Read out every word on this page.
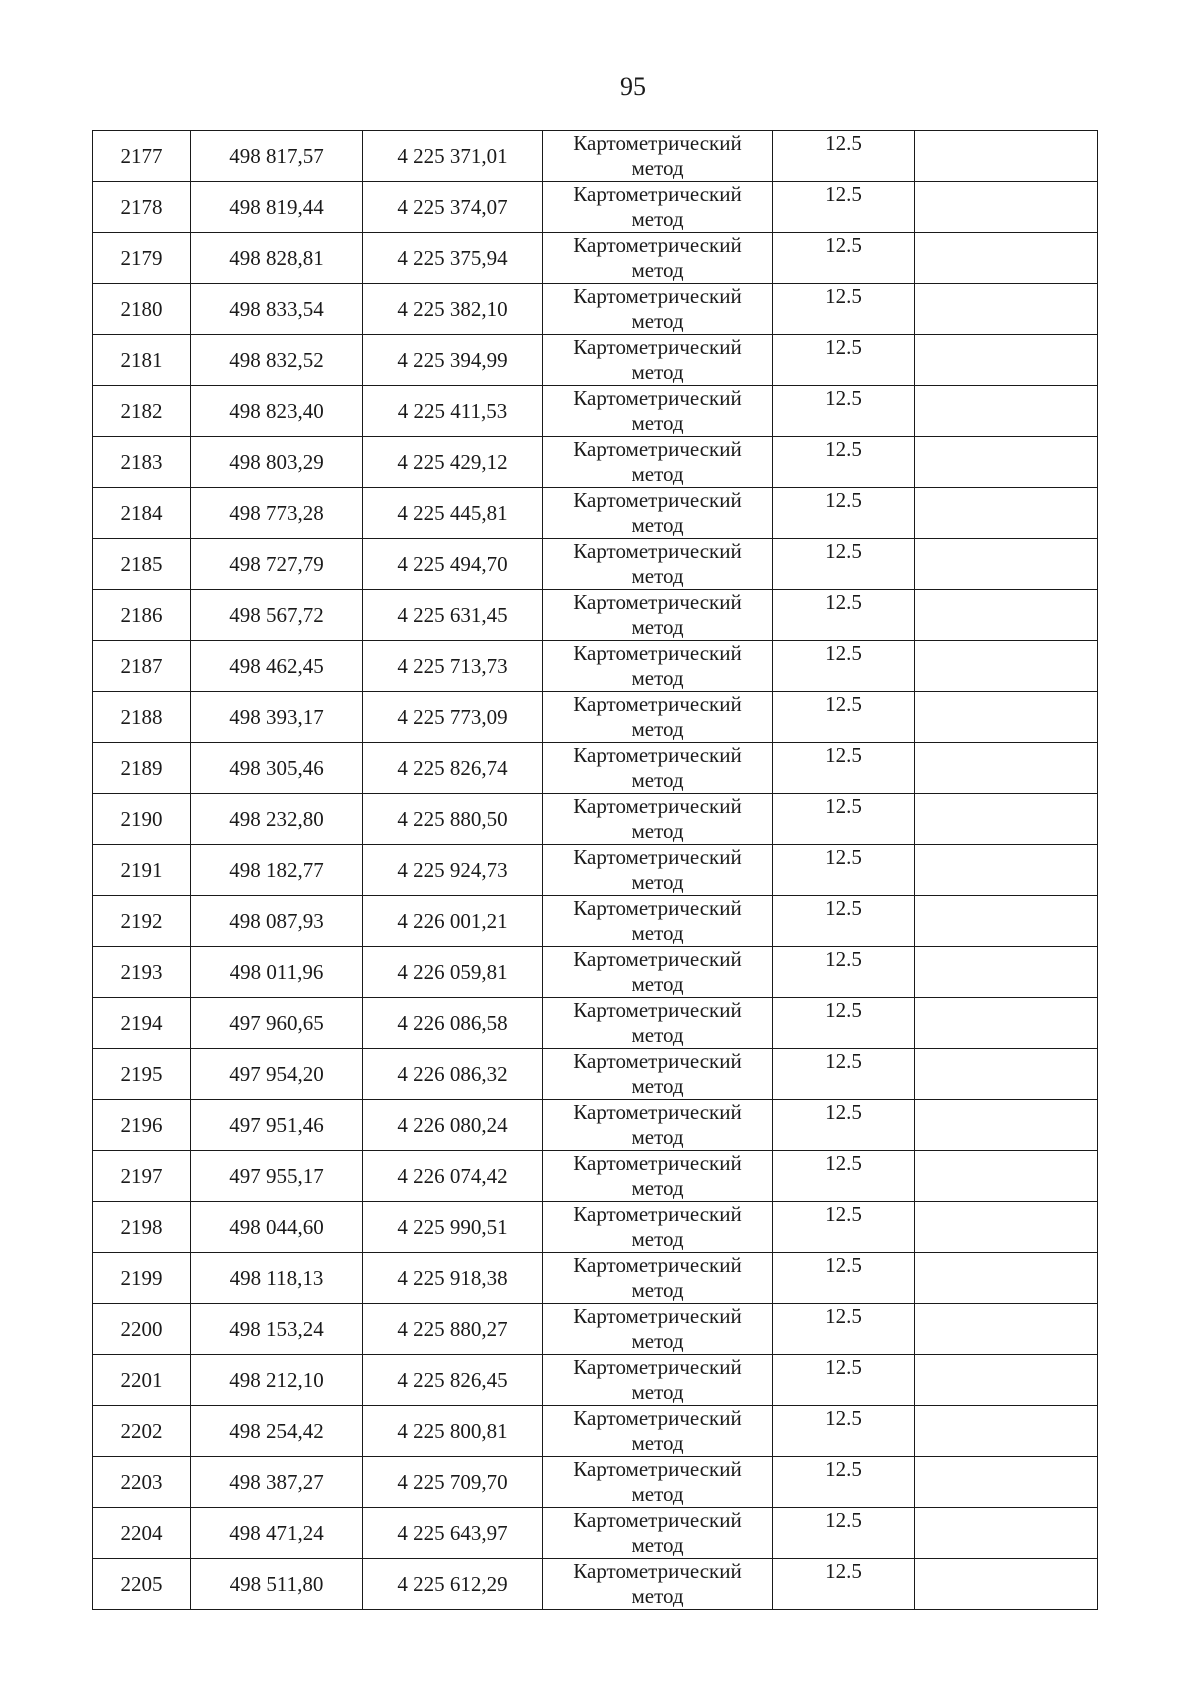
95
2177	498 817,57	4 225 371,01	Картометрический
метод	12.5	
2178	498 819,44	4 225 374,07	Картометрический
метод	12.5	
2179	498 828,81	4 225 375,94	Картометрический
метод	12.5	
2180	498 833,54	4 225 382,10	Картометрический
метод	12.5	
2181	498 832,52	4 225 394,99	Картометрический
метод	12.5	
2182	498 823,40	4 225 411,53	Картометрический
метод	12.5	
2183	498 803,29	4 225 429,12	Картометрический
метод	12.5	
2184	498 773,28	4 225 445,81	Картометрический
метод	12.5	
2185	498 727,79	4 225 494,70	Картометрический
метод	12.5	
2186	498 567,72	4 225 631,45	Картометрический
метод	12.5	
2187	498 462,45	4 225 713,73	Картометрический
метод	12.5	
2188	498 393,17	4 225 773,09	Картометрический
метод	12.5	
2189	498 305,46	4 225 826,74	Картометрический
метод	12.5	
2190	498 232,80	4 225 880,50	Картометрический
метод	12.5	
2191	498 182,77	4 225 924,73	Картометрический
метод	12.5	
2192	498 087,93	4 226 001,21	Картометрический
метод	12.5	
2193	498 011,96	4 226 059,81	Картометрический
метод	12.5	
2194	497 960,65	4 226 086,58	Картометрический
метод	12.5	
2195	497 954,20	4 226 086,32	Картометрический
метод	12.5	
2196	497 951,46	4 226 080,24	Картометрический
метод	12.5	
2197	497 955,17	4 226 074,42	Картометрический
метод	12.5	
2198	498 044,60	4 225 990,51	Картометрический
метод	12.5	
2199	498 118,13	4 225 918,38	Картометрический
метод	12.5	
2200	498 153,24	4 225 880,27	Картометрический
метод	12.5	
2201	498 212,10	4 225 826,45	Картометрический
метод	12.5	
2202	498 254,42	4 225 800,81	Картометрический
метод	12.5	
2203	498 387,27	4 225 709,70	Картометрический
метод	12.5	
2204	498 471,24	4 225 643,97	Картометрический
метод	12.5	
2205	498 511,80	4 225 612,29	Картометрический
метод	12.5	
